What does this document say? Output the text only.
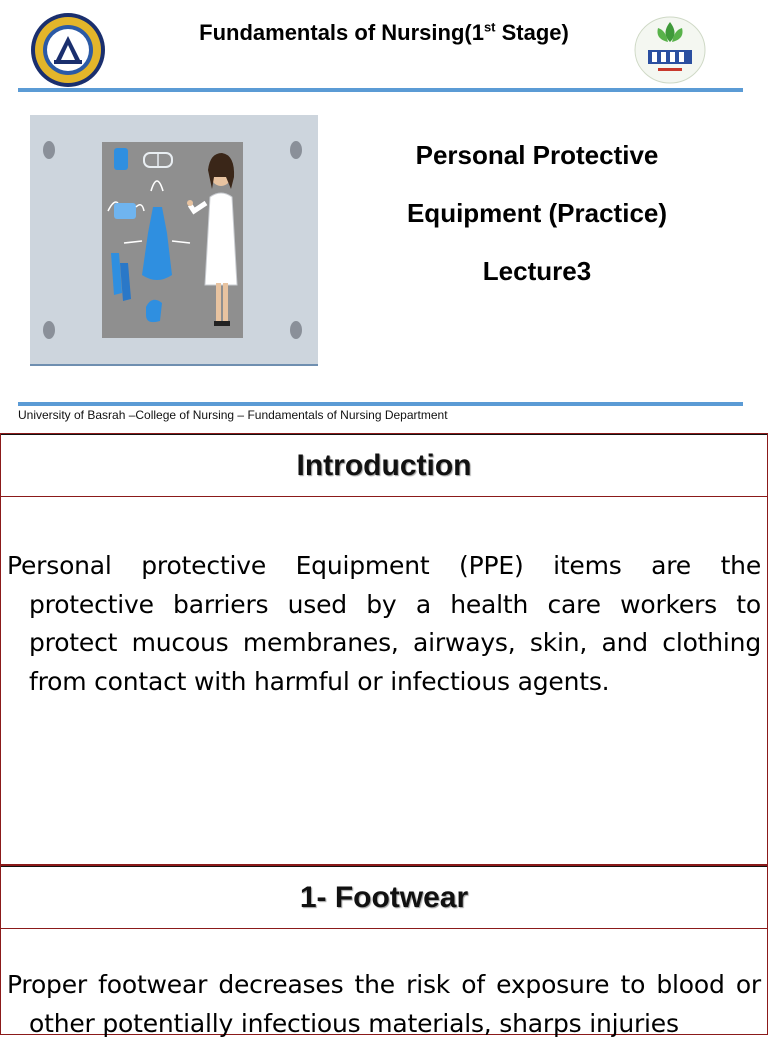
Fundamentals of Nursing(1st Stage)
Personal Protective
Equipment (Practice)
Lecture3
University of Basrah –College of Nursing – Fundamentals of Nursing Department
Introduction
Personal protective Equipment (PPE) items are the protective barriers used by a health care workers to protect mucous membranes, airways, skin, and clothing from contact with harmful or infectious agents.
1- Footwear
Proper footwear decreases the risk of exposure to blood or other potentially infectious materials, sharps injuries
